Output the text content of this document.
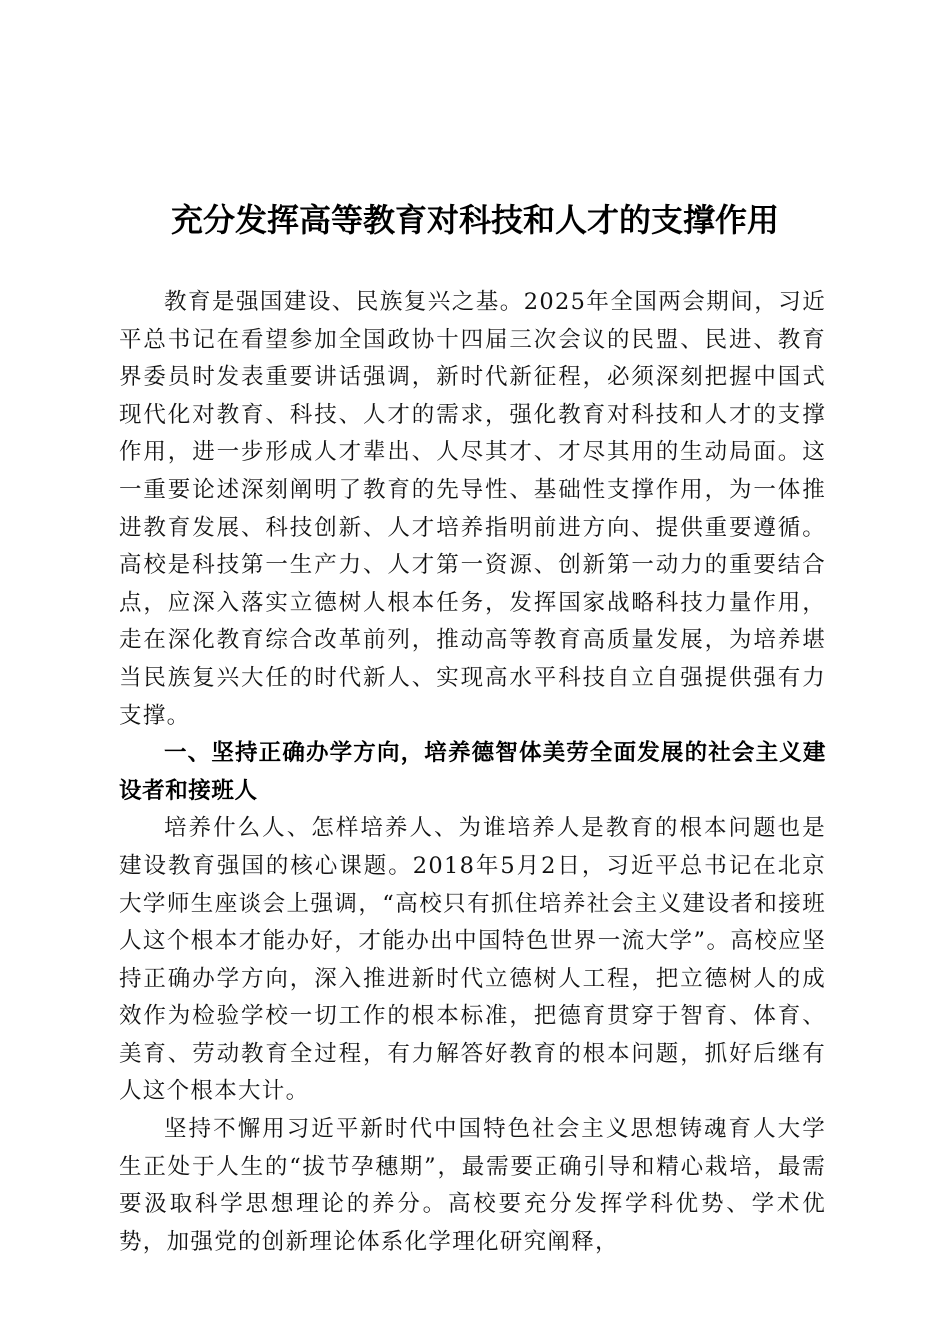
充分发挥高等教育对科技和人才的支撑作用

教育是强国建设、民族复兴之基。2025年全国两会期间，习近平总书记在看望参加全国政协十四届三次会议的民盟、民进、教育界委员时发表重要讲话强调，新时代新征程，必须深刻把握中国式现代化对教育、科技、人才的需求，强化教育对科技和人才的支撑作用，进一步形成人才辈出、人尽其才、才尽其用的生动局面。这一重要论述深刻阐明了教育的先导性、基础性支撑作用，为一体推进教育发展、科技创新、人才培养指明前进方向、提供重要遵循。高校是科技第一生产力、人才第一资源、创新第一动力的重要结合点，应深入落实立德树人根本任务，发挥国家战略科技力量作用，走在深化教育综合改革前列，推动高等教育高质量发展，为培养堪当民族复兴大任的时代新人、实现高水平科技自立自强提供强有力支撑。

一、坚持正确办学方向，培养德智体美劳全面发展的社会主义建设者和接班人

培养什么人、怎样培养人、为谁培养人是教育的根本问题也是建设教育强国的核心课题。2018年5月2日，习近平总书记在北京大学师生座谈会上强调，“高校只有抓住培养社会主义建设者和接班人这个根本才能办好，才能办出中国特色世界一流大学”。高校应坚持正确办学方向，深入推进新时代立德树人工程，把立德树人的成效作为检验学校一切工作的根本标准，把德育贯穿于智育、体育、美育、劳动教育全过程，有力解答好教育的根本问题，抓好后继有人这个根本大计。

坚持不懈用习近平新时代中国特色社会主义思想铸魂育人大学生正处于人生的“拔节孕穗期”，最需要正确引导和精心栽培，最需要汲取科学思想理论的养分。高校要充分发挥学科优势、学术优势，加强党的创新理论体系化学理化研究阐释，
